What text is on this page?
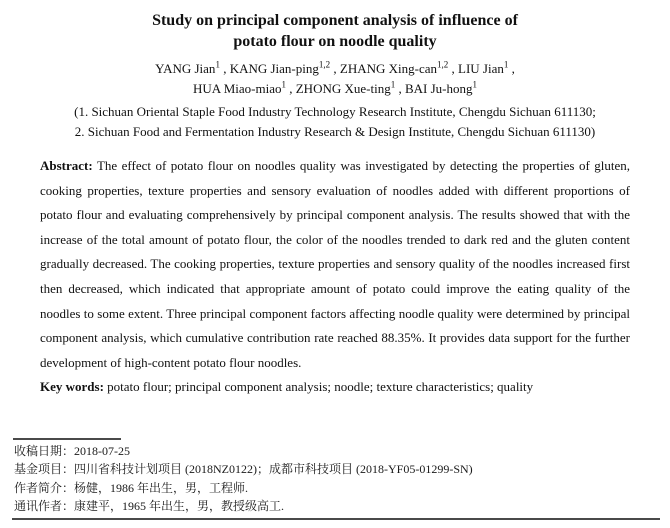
Study on principal component analysis of influence of
potato flour on noodle quality
YANG Jian$^1$ , KANG Jian-ping$^{1,2}$ , ZHANG Xing-can$^{1,2}$ , LIU Jian$^1$ ,
HUA Miao-miao$^1$ , ZHONG Xue-ting$^1$ , BAI Ju-hong$^1$
(1. Sichuan Oriental Staple Food Industry Technology Research Institute, Chengdu Sichuan 611130;
2. Sichuan Food and Fermentation Industry Research & Design Institute, Chengdu Sichuan 611130)

Abstract: The effect of potato flour on noodles quality was investigated by detecting the properties of gluten, cooking properties, texture properties and sensory evaluation of noodles added with different proportions of potato flour and evaluating comprehensively by principal component analysis. The results showed that with the increase of the total amount of potato flour, the color of the noodles trended to dark red and the gluten content gradually decreased. The cooking properties, texture properties and sensory quality of the noodles increased first then decreased, which indicated that appropriate amount of potato could improve the eating quality of the noodles to some extent. Three principal component factors affecting noodle quality were determined by principal component analysis, which cumulative contribution rate reached 88.35%. It provides data support for the further development of high-content potato flour noodles.

Key words: potato flour; principal component analysis; noodle; texture characteristics; quality

收稿日期：2018-07-25
基金项目：四川省科技计划项目 (2018NZ0122)；成都市科技项目 (2018-YF05-01299-SN)
作者简介：杨健，1986 年出生，男，工程师.
通讯作者：康建平，1965 年出生，男，教授级高工.
